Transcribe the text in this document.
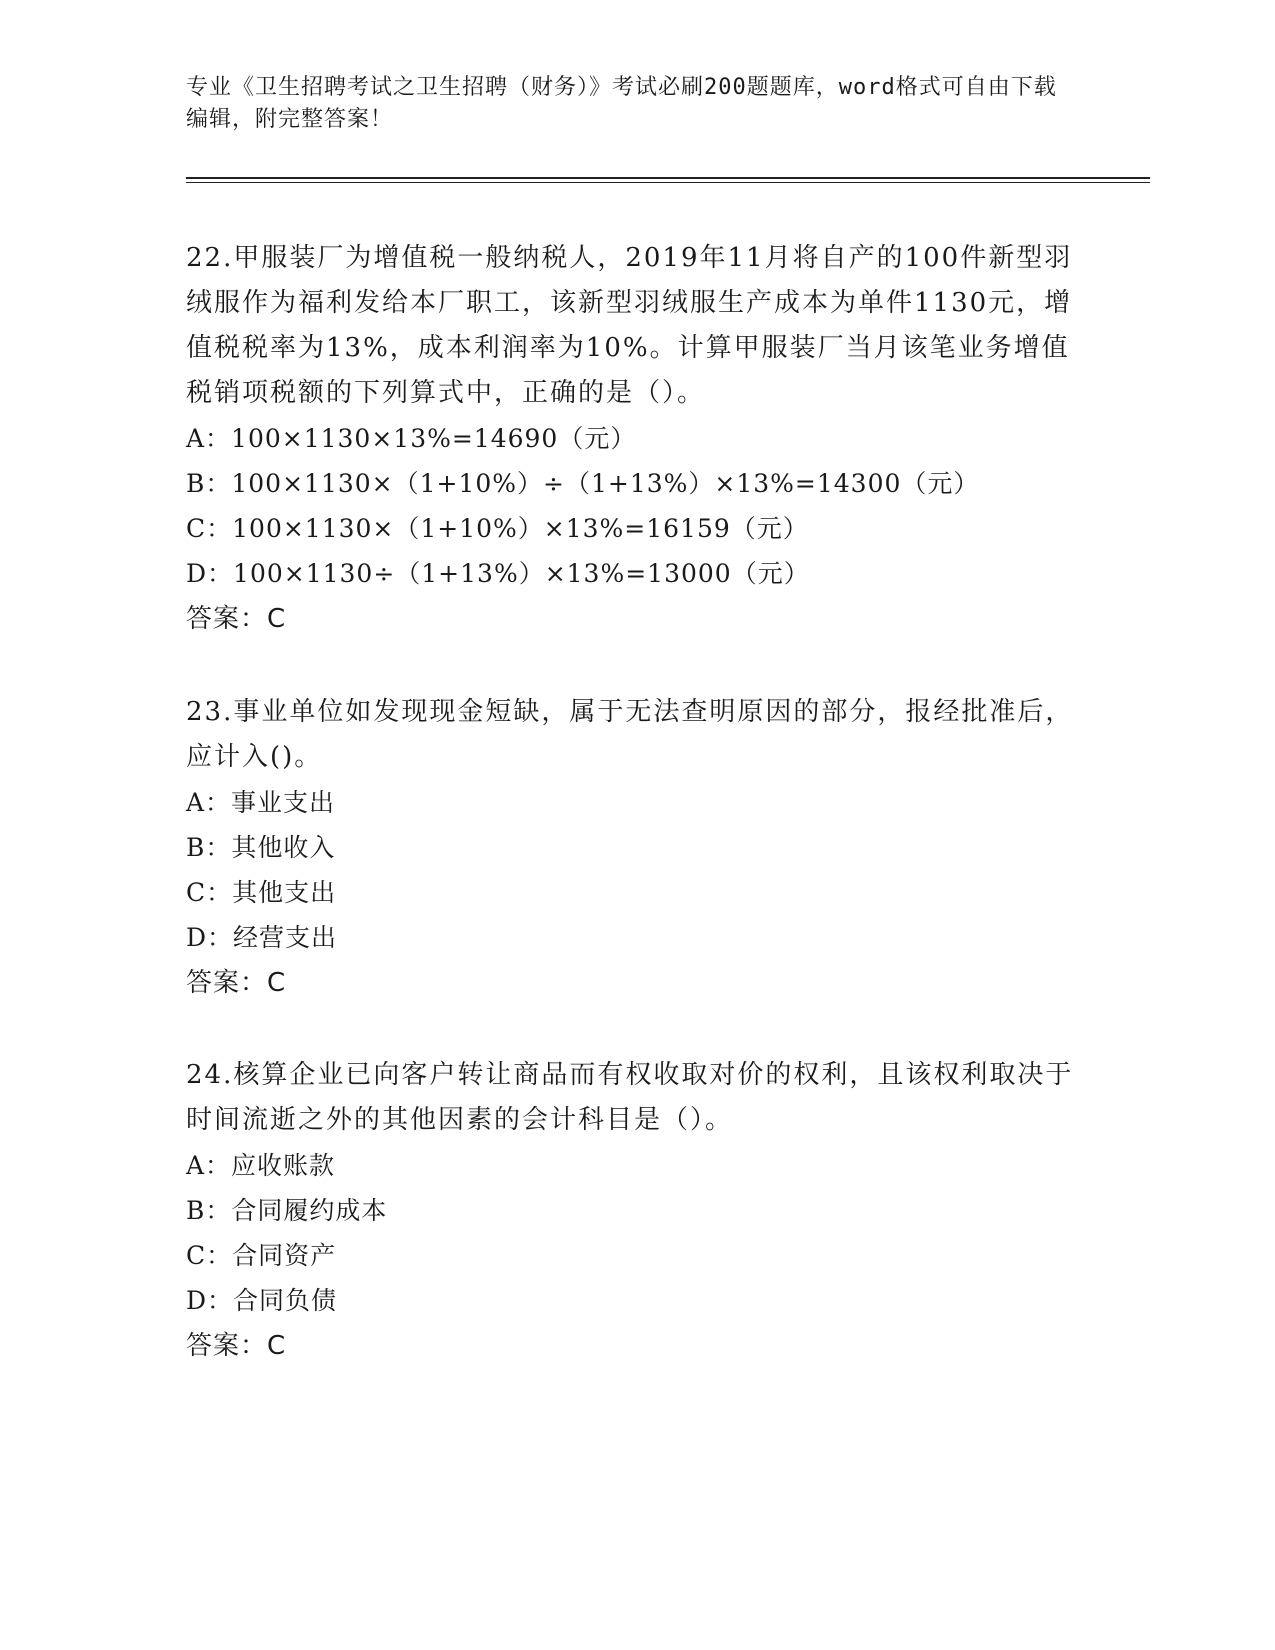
专业《卫生招聘考试之卫生招聘（财务）》考试必刷200题题库，word格式可自由下载编辑，附完整答案！
22.甲服装厂为增值税一般纳税人，2019年11月将自产的100件新型羽绒服作为福利发给本厂职工，该新型羽绒服生产成本为单件1130元，增值税税率为13%，成本利润率为10%。计算甲服装厂当月该笔业务增值税销项税额的下列算式中，正确的是（）。
A：100×1130×13%=14690（元）
B：100×1130×（1+10%）÷（1+13%）×13%=14300（元）
C：100×1130×（1+10%）×13%=16159（元）
D：100×1130÷（1+13%）×13%=13000（元）
答案：C
23.事业单位如发现现金短缺，属于无法查明原因的部分，报经批准后，应计入()。
A：事业支出
B：其他收入
C：其他支出
D：经营支出
答案：C
24.核算企业已向客户转让商品而有权收取对价的权利，且该权利取决于时间流逝之外的其他因素的会计科目是（）。
A：应收账款
B：合同履约成本
C：合同资产
D：合同负债
答案：C
